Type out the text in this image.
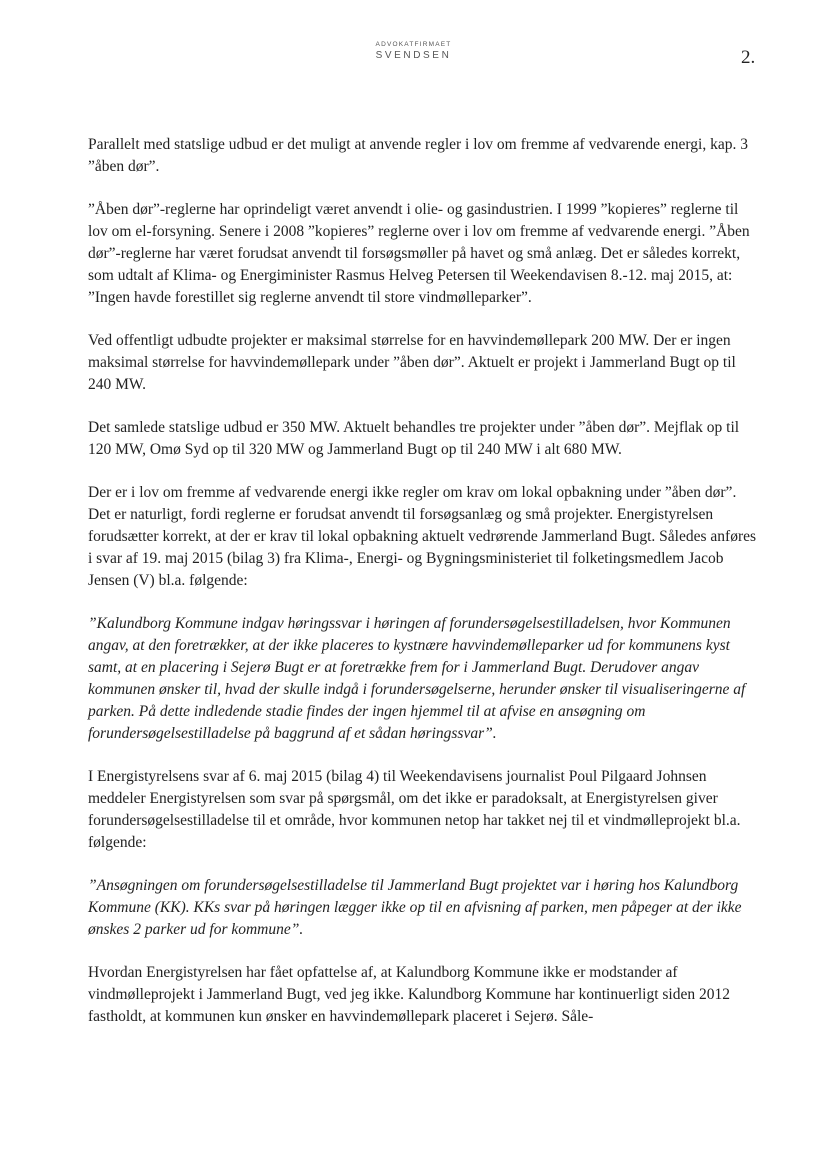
ADVOKATFIRMAET
SVENDSEN	2.

Parallelt med statslige udbud er det muligt at anvende regler i lov om fremme af vedvarende energi, kap. 3 ”åben dør”.

”Åben dør”-reglerne har oprindeligt været anvendt i olie- og gasindustrien. I 1999 ”kopieres” reglerne til lov om el-forsyning. Senere i 2008 ”kopieres” reglerne over i lov om fremme af vedvarende energi. ”Åben dør”-reglerne har været forudsat anvendt til forsøgsmøller på havet og små anlæg. Det er således korrekt, som udtalt af Klima- og Energiminister Rasmus Helveg Petersen til Weekendavisen 8.-12. maj 2015, at: ”Ingen havde forestillet sig reglerne anvendt til store vindmølleparker”.

Ved offentligt udbudte projekter er maksimal størrelse for en havvindemøllepark 200 MW. Der er ingen maksimal størrelse for havvindemøllepark under ”åben dør”. Aktuelt er projekt i Jammerland Bugt op til 240 MW.

Det samlede statslige udbud er 350 MW. Aktuelt behandles tre projekter under ”åben dør”. Mejflak op til 120 MW, Omø Syd op til 320 MW og Jammerland Bugt op til 240 MW i alt 680 MW.

Der er i lov om fremme af vedvarende energi ikke regler om krav om lokal opbakning under ”åben dør”. Det er naturligt, fordi reglerne er forudsat anvendt til forsøgsanlæg og små projekter. Energistyrelsen forudsætter korrekt, at der er krav til lokal opbakning aktuelt vedrørende Jammerland Bugt. Således anføres i svar af 19. maj 2015 (bilag 3) fra Klima-, Energi- og Bygningsministeriet til folketingsmedlem Jacob Jensen (V) bl.a. følgende:

”Kalundborg Kommune indgav høringssvar i høringen af forundersøgelsestilladelsen, hvor Kommunen angav, at den foretrækker, at der ikke placeres to kystnære havvindemølleparker ud for kommunens kyst samt, at en placering i Sejerø Bugt er at foretrække frem for i Jammerland Bugt. Derudover angav kommunen ønsker til, hvad der skulle indgå i forundersøgelserne, herunder ønsker til visualiseringerne af parken. På dette indledende stadie findes der ingen hjemmel til at afvise en ansøgning om forundersøgelsestilladelse på baggrund af et sådan høringssvar”.

I Energistyrelsens svar af 6. maj 2015 (bilag 4) til Weekendavisens journalist Poul Pilgaard Johnsen meddeler Energistyrelsen som svar på spørgsmål, om det ikke er paradoksalt, at Energistyrelsen giver forundersøgelsestilladelse til et område, hvor kommunen netop har takket nej til et vindmølleprojekt bl.a. følgende:

”Ansøgningen om forundersøgelsestilladelse til Jammerland Bugt projektet var i høring hos Kalundborg Kommune (KK). KKs svar på høringen lægger ikke op til en afvisning af parken, men påpeger at der ikke ønskes 2 parker ud for kommune”.

Hvordan Energistyrelsen har fået opfattelse af, at Kalundborg Kommune ikke er modstander af vindmølleprojekt i Jammerland Bugt, ved jeg ikke. Kalundborg Kommune har kontinuerligt siden 2012 fastholdt, at kommunen kun ønsker en havvindemøllepark placeret i Sejerø. Såle-
